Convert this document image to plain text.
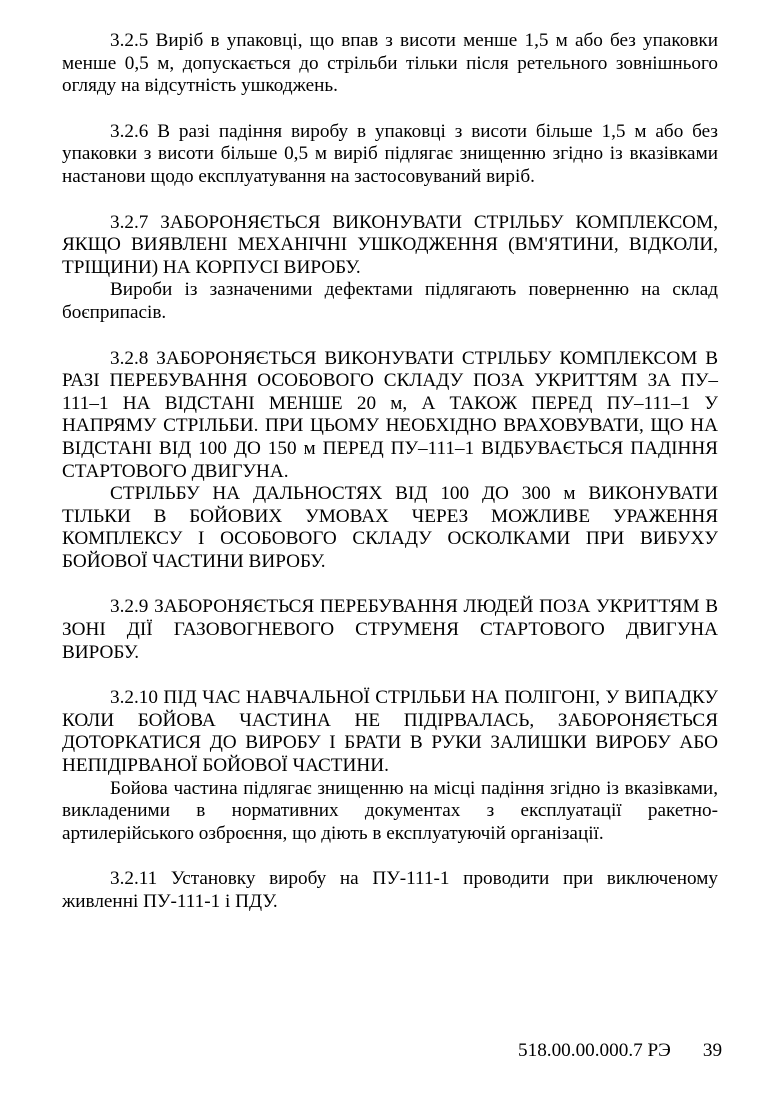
3.2.5 Виріб в упаковці, що впав з висоти менше 1,5 м або без упаковки менше 0,5 м, допускається до стрільби тільки після ретельного зовнішнього огляду на відсутність ушкоджень.

3.2.6 В разі падіння виробу в упаковці з висоти більше 1,5 м або без упаковки з висоти більше 0,5 м виріб підлягає знищенню згідно із вказівками настанови щодо експлуатування на застосовуваний виріб.

3.2.7 ЗАБОРОНЯЄТЬСЯ ВИКОНУВАТИ СТРІЛЬБУ КОМПЛЕКСОМ, ЯКЩО ВИЯВЛЕНІ МЕХАНІЧНІ УШКОДЖЕННЯ (ВМ'ЯТИНИ, ВІДКОЛИ, ТРІЩИНИ) НА КОРПУСІ ВИРОБУ.

Вироби із зазначеними дефектами підлягають поверненню на склад боєприпасів.

3.2.8 ЗАБОРОНЯЄТЬСЯ ВИКОНУВАТИ СТРІЛЬБУ КОМПЛЕКСОМ В РАЗІ ПЕРЕБУВАННЯ ОСОБОВОГО СКЛАДУ ПОЗА УКРИТТЯМ ЗА ПУ–111–1 НА ВІДСТАНІ МЕНШЕ 20 м, А ТАКОЖ ПЕРЕД ПУ–111–1 У НАПРЯМУ СТРІЛЬБИ. ПРИ ЦЬОМУ НЕОБХІДНО ВРАХОВУВАТИ, ЩО НА ВІДСТАНІ ВІД 100 ДО 150 м ПЕРЕД ПУ–111–1 ВІДБУВАЄТЬСЯ ПАДІННЯ СТАРТОВОГО ДВИГУНА.

СТРІЛЬБУ НА ДАЛЬНОСТЯХ ВІД 100 ДО 300 м ВИКОНУВАТИ ТІЛЬКИ В БОЙОВИХ УМОВАХ ЧЕРЕЗ МОЖЛИВЕ УРАЖЕННЯ КОМПЛЕКСУ І ОСОБОВОГО СКЛАДУ ОСКОЛКАМИ ПРИ ВИБУХУ БОЙОВОЇ ЧАСТИНИ ВИРОБУ.

3.2.9 ЗАБОРОНЯЄТЬСЯ ПЕРЕБУВАННЯ ЛЮДЕЙ ПОЗА УКРИТТЯМ В ЗОНІ ДІЇ ГАЗОВОГНЕВОГО СТРУМЕНЯ СТАРТОВОГО ДВИГУНА ВИРОБУ.

3.2.10 ПІД ЧАС НАВЧАЛЬНОЇ СТРІЛЬБИ НА ПОЛІГОНІ, У ВИПАДКУ КОЛИ БОЙОВА ЧАСТИНА НЕ ПІДІРВАЛАСЬ, ЗАБОРОНЯЄТЬСЯ ДОТОРКАТИСЯ ДО ВИРОБУ І БРАТИ В РУКИ ЗАЛИШКИ ВИРОБУ АБО НЕПІДІРВАНОЇ БОЙОВОЇ ЧАСТИНИ.

Бойова частина підлягає знищенню на місці падіння згідно із вказівками, викладеними в нормативних документах з експлуатації ракетно-артилерійського озброєння, що діють в експлуатуючій організації.

3.2.11 Установку виробу на ПУ-111-1 проводити при виключеному живленні ПУ-111-1 і ПДУ.

518.00.00.000.7 РЭ 39
